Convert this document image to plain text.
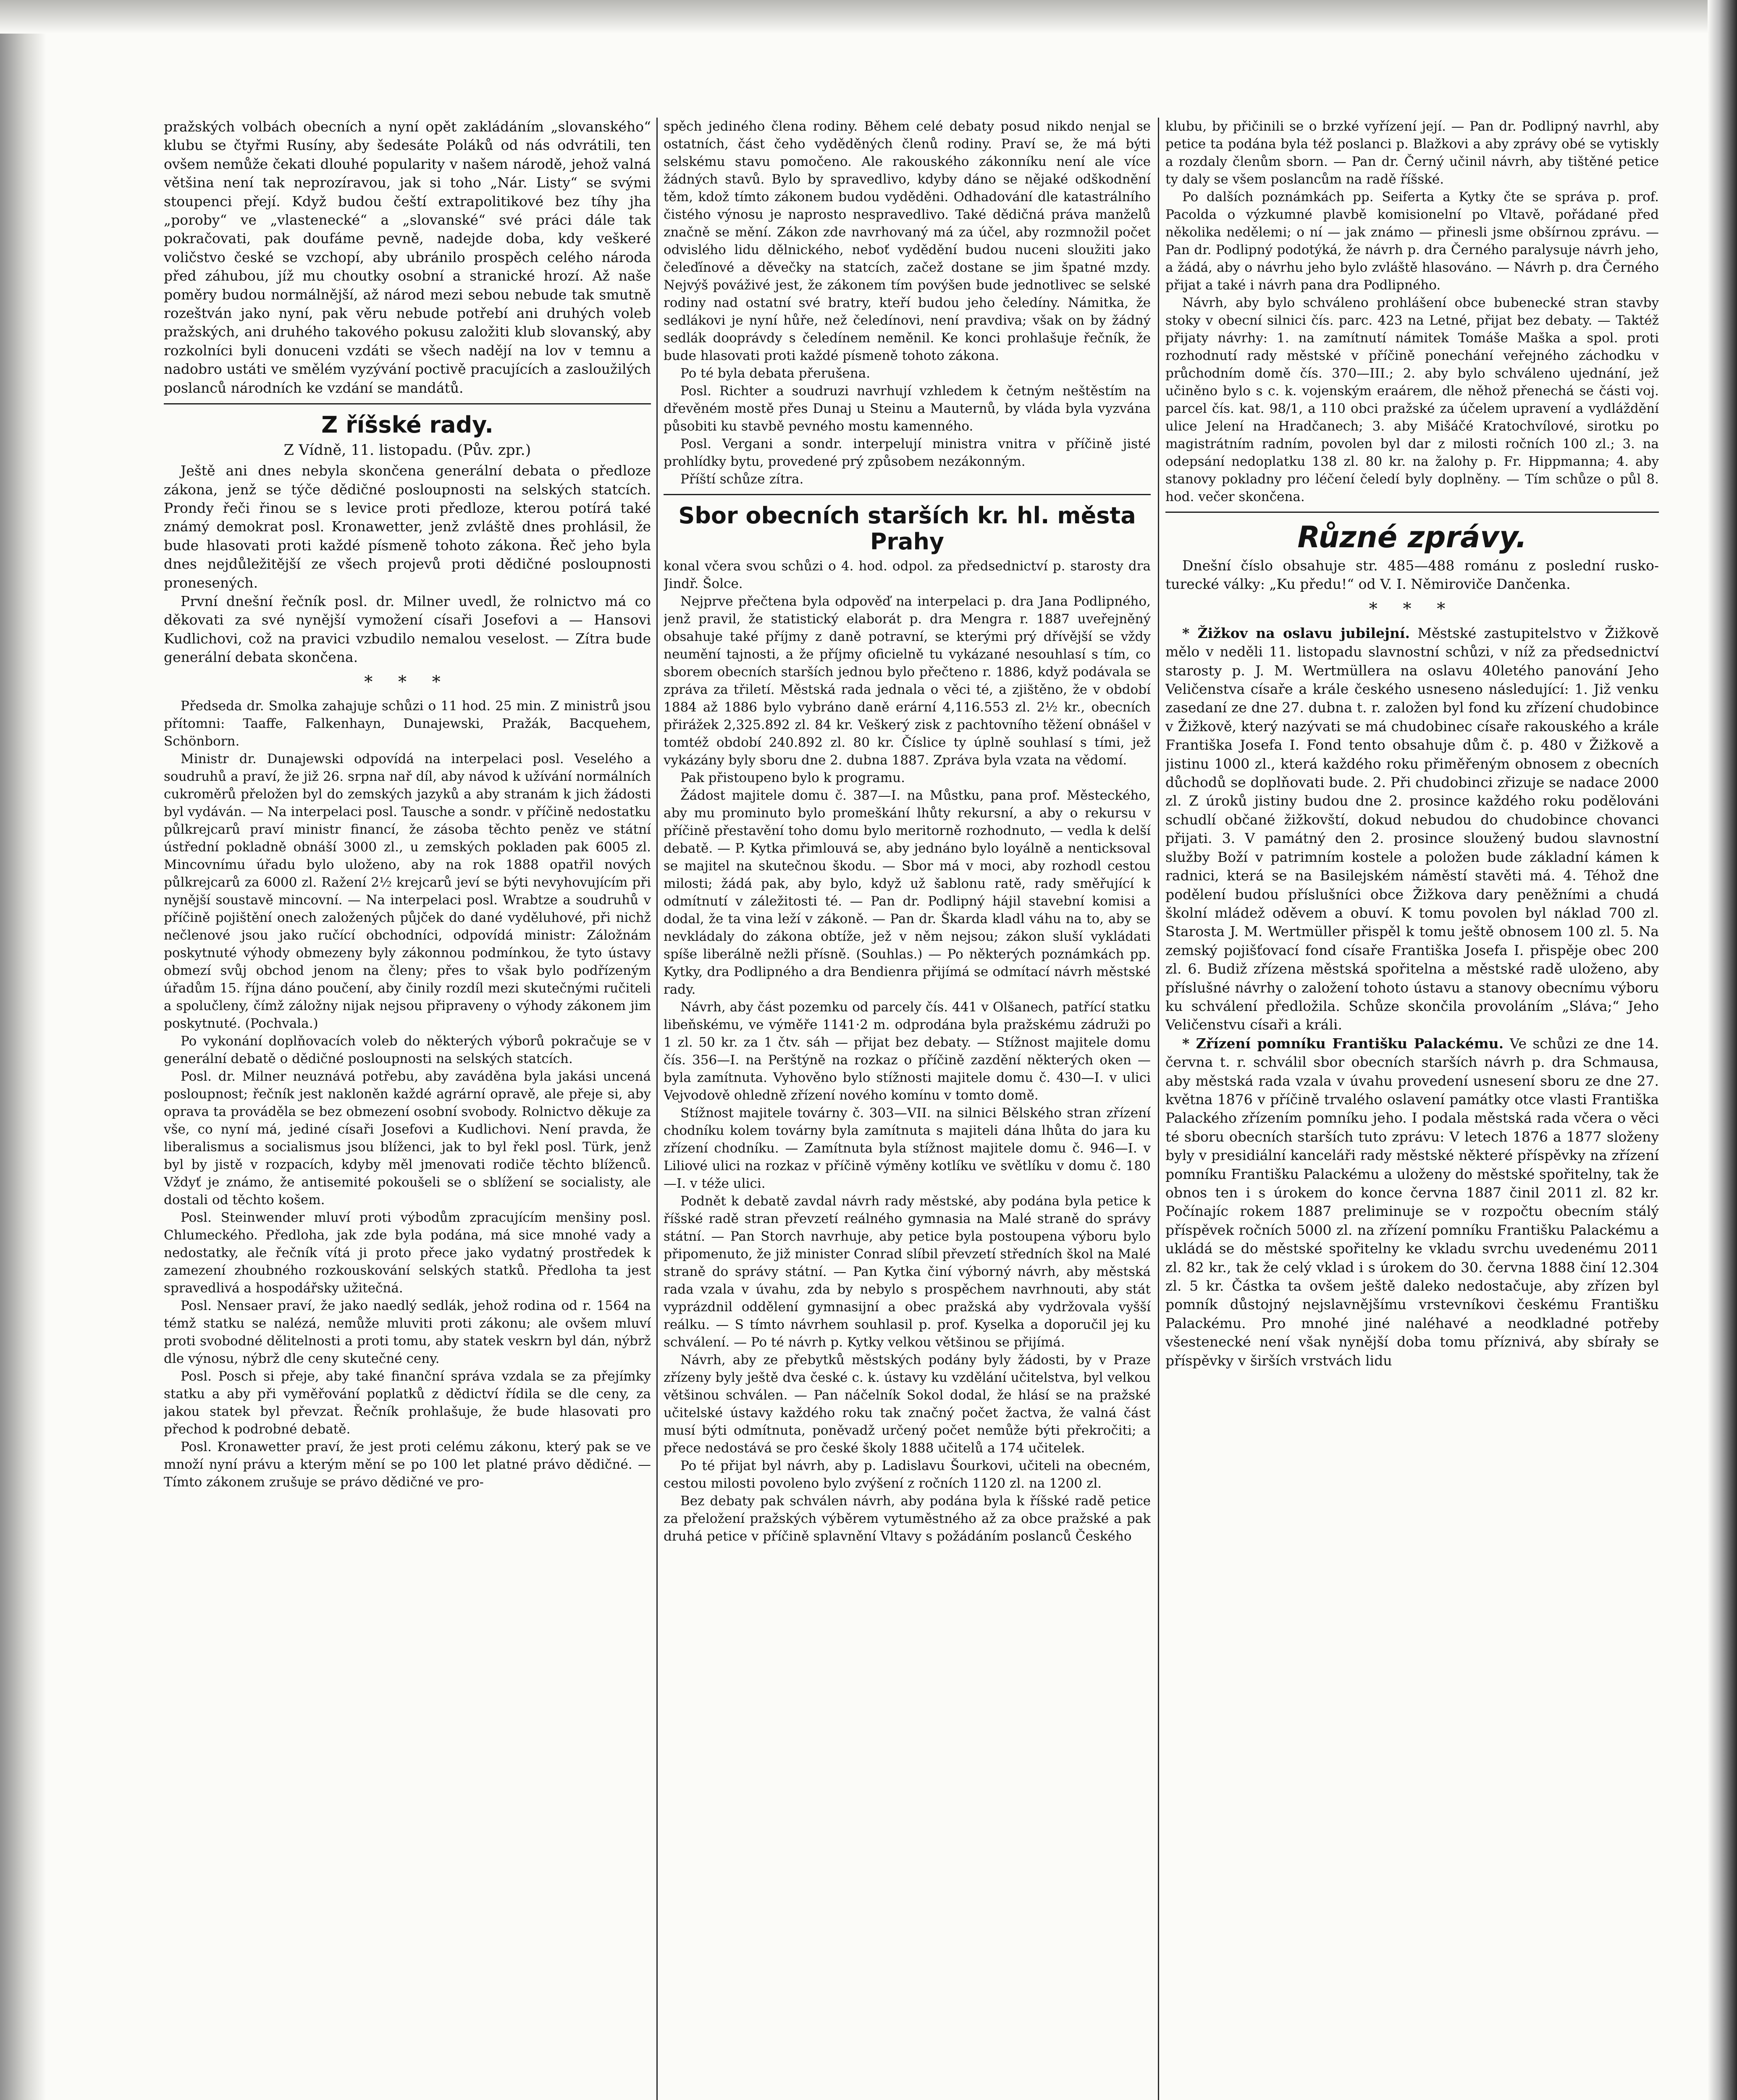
pražských volbách obecních a nyní opět zakládáním „slovanského“ klubu se čtyřmi Rusíny, aby šedesáte Poláků od nás odvrátili, ten ovšem nemůže čekati dlouhé popularity v našem národě, jehož valná většina není tak neprozíravou, jak si toho „Nár. Listy“ se svými stoupenci přejí. Když budou čeští extrapolitikové bez tíhy jha „poroby“ ve „vlastenecké“ a „slovanské“ své práci dále tak pokračovati, pak doufáme pevně, nadejde doba, kdy veškeré voličstvo české se vzchopí, aby ubránilo prospěch celého národa před záhubou, jíž mu choutky osobní a stranické hrozí. Až naše poměry budou normálnější, až národ mezi sebou nebude tak smutně rozeštván jako nyní, pak věru nebude potřebí ani druhých voleb pražských, ani druhého takového pokusu založiti klub slovanský, aby rozkolníci byli donuceni vzdáti se všech nadějí na lov v temnu a nadobro ustáti ve smělém vyzývání poctivě pracujících a zasloužilých poslanců národních ke vzdání se mandátů.

Z říšské rady.
Z Vídně, 11. listopadu. (Pův. zpr.)

Ještě ani dnes nebyla skončena generální debata o předloze zákona, jenž se týče dědičné posloupnosti na selských statcích. Prondy řeči řinou se s levice proti předloze, kterou potírá také známý demokrat posl. Kronawetter, jenž zvláště dnes prohlásil, že bude hlasovati proti každé písmeně tohoto zákona. Řeč jeho byla dnes nejdůležitější ze všech projevů proti dědičné posloupnosti pronesených.

První dnešní řečník posl. dr. Milner uvedl, že rolnictvo má co děkovati za své nynější vymožení císaři Josefovi a — Hansovi Kudlichovi, což na pravici vzbudilo nemalou veselost. — Zítra bude generální debata skončena.

* * *

Předseda dr. Smolka zahajuje schůzi o 11 hod. 25 min. Z ministrů jsou přítomni: Taaffe, Falkenhayn, Dunajewski, Pražák, Bacquehem, Schönborn.

Ministr dr. Dunajewski odpovídá na interpelaci posl. Veselého a soudruhů a praví, že již 26. srpna nař díl, aby návod k užívání normálních cukroměrů přeložen byl do zemských jazyků a aby stranám k jich žádosti byl vydáván. — Na interpelaci posl. Tausche a sondr. v příčině nedostatku půlkrejcarů praví ministr financí, že zásoba těchto peněz ve státní ústřední pokladně obnáší 3000 zl., u zemských pokladen pak 6005 zl. Mincovnímu úřadu bylo uloženo, aby na rok 1888 opatřil nových půlkrejcarů za 6000 zl. Ražení 2¹⁄₂ krejcarů jeví se býti nevyhovujícím při nynější soustavě mincovní. — Na interpelaci posl. Wrabtze a soudruhů v příčině pojištění onech založených půjček do dané vyděluhové, při nichž nečlenové jsou jako ručící obchodníci, odpovídá ministr: Záložnám poskytnuté výhody obmezeny byly zákonnou podmínkou, že tyto ústavy obmezí svůj obchod jenom na členy; přes to však bylo podřízeným úřadům 15. října dáno poučení, aby činily rozdíl mezi skutečnými ručiteli a spolučleny, čímž záložny nijak nejsou připraveny o výhody zákonem jim poskytnuté. (Pochvala.)

Po vykonání doplňovacích voleb do některých výborů pokračuje se v generální debatě o dědičné posloupnosti na selských statcích.

Posl. dr. Milner neuznává potřebu, aby zaváděna byla jakási uncená posloupnost; řečník jest nakloněn každé agrární opravě, ale přeje si, aby oprava ta prováděla se bez obmezení osobní svobody. Rolnictvo děkuje za vše, co nyní má, jediné císaři Josefovi a Kudlichovi. Není pravda, že liberalismus a socialismus jsou blíženci, jak to byl řekl posl. Türk, jenž byl by jistě v rozpacích, kdyby měl jmenovati rodiče těchto blíženců. Vždyť je známo, že antisemité pokoušeli se o sblížení se socialisty, ale dostali od těchto košem.

Posl. Steinwender mluví proti výbodům zpracujícím menšiny posl. Chlumeckého. Předloha, jak zde byla podána, má sice mnohé vady a nedostatky, ale řečník vítá ji proto přece jako vydatný prostředek k zamezení zhoubného rozkouskování selských statků. Předloha ta jest spravedlivá a hospodářsky užitečná.

Posl. Nensaer praví, že jako naedlý sedlák, jehož rodina od r. 1564 na témž statku se nalézá, nemůže mluviti proti zákonu; ale ovšem mluví proti svobodné dělitelnosti a proti tomu, aby statek veskrn byl dán, nýbrž dle výnosu, nýbrž dle ceny skutečné ceny.

Posl. Posch si přeje, aby také finanční správa vzdala se za přejímky statku a aby při vyměřování poplatků z dědictví řídila se dle ceny, za jakou statek byl převzat. Řečník prohlašuje, že bude hlasovati pro přechod k podrobné debatě.

Posl. Kronawetter praví, že jest proti celému zákonu, který pak se ve množí nyní právu a kterým mění se po 100 let platné právo dědičné. — Tímto zákonem zrušuje se právo dědičné ve pro-

spěch jediného člena rodiny. Během celé debaty posud nikdo nenjal se ostatních, část čeho vyděděných členů rodiny. Praví se, že má býti selskému stavu pomočeno. Ale rakouského zákonníku není ale více žádných stavů. Bylo by spravedlivo, kdyby dáno se nějaké odškodnění těm, kdož tímto zákonem budou vyděděni. Odhadování dle katastrálního čistého výnosu je naprosto nespravedlivo. Také dědičná práva manželů značně se mění. Zákon zde navrhovaný má za účel, aby rozmnožil počet odvislého lidu dělnického, neboť vydědění budou nuceni sloužiti jako čeleďínové a děvečky na statcích, začež dostane se jim špatné mzdy. Nejvýš pováživé jest, že zákonem tím povýšen bude jednotlivec se selské rodiny nad ostatní své bratry, kteří budou jeho čeledíny. Námitka, že sedlákovi je nyní hůře, než čeledínovi, není pravdiva; však on by žádný sedlák dooprávdy s čeledínem neměnil. Ke konci prohlašuje řečník, že bude hlasovati proti každé písmeně tohoto zákona.

Po té byla debata přerušena.

Posl. Richter a soudruzi navrhují vzhledem k četným neštěstím na dřevěném mostě přes Dunaj u Steinu a Mauternů, by vláda byla vyzvána působiti ku stavbě pevného mostu kamenného.

Posl. Vergani a sondr. interpelují ministra vnitra v příčině jisté prohlídky bytu, provedené prý způsobem nezákonným.

Příští schůze zítra.

Sbor obecních starších kr. hl. města Prahy

konal včera svou schůzi o 4. hod. odpol. za předsednictví p. starosty dra Jindř. Šolce.

Nejprve přečtena byla odpověď na interpelaci p. dra Jana Podlipného, jenž pravil, že statistický elaborát p. dra Mengra r. 1887 uveřejněný obsahuje také příjmy z daně potravní, se kterými prý dřívější se vždy neumění tajnosti, a že příjmy oficielně tu vykázané nesouhlasí s tím, co sborem obecních starších jednou bylo přečteno r. 1886, když podávala se zpráva za třiletí. Městská rada jednala o věci té, a zjištěno, že v období 1884 až 1886 bylo vybráno daně erární 4,116.553 zl. 2¹⁄₂ kr., obecních přirážek 2,325.892 zl. 84 kr. Veškerý zisk z pachtovního těžení obnášel v tomtéž období 240.892 zl. 80 kr. Číslice ty úplně souhlasí s tími, jež vykázány byly sboru dne 2. dubna 1887. Zpráva byla vzata na vědomí.

Pak přistoupeno bylo k programu.

Žádost majitele domu č. 387—I. na Můstku, pana prof. Městeckého, aby mu prominuto bylo promeškání lhůty rekursní, a aby o rekursu v příčině přestavění toho domu bylo meritorně rozhodnuto, — vedla k delší debatě. — P. Kytka přimlouvá se, aby jednáno bylo loyálně a nenticksoval se majitel na skutečnou škodu. — Sbor má v moci, aby rozhodl cestou milosti; žádá pak, aby bylo, když už šablonu ratě, rady směřující k odmítnutí v záležitosti té. — Pan dr. Podlipný hájil stavební komisi a dodal, že ta vina leží v zákoně. — Pan dr. Škarda kladl váhu na to, aby se nevkládaly do zákona obtíže, jež v něm nejsou; zákon sluší vykládati spíše liberálně nežli přísně. (Souhlas.) — Po některých poznámkách pp. Kytky, dra Podlipného a dra Bendienra přijímá se odmítací návrh městské rady.

Návrh, aby část pozemku od parcely čís. 441 v Olšanech, patřící statku libeňskému, ve výměře 1141·2 m. odprodána byla pražskému zádruži po 1 zl. 50 kr. za 1 čtv. sáh — přijat bez debaty. — Stížnost majitele domu čís. 356—I. na Perštýně na rozkaz o příčině zazdění některých oken — byla zamítnuta. Vyhověno bylo stížnosti majitele domu č. 430—I. v ulici Vejvodově ohledně zřízení nového komínu v tomto domě.

Stížnost majitele továrny č. 303—VII. na silnici Bělského stran zřízení chodníku kolem továrny byla zamítnuta s majiteli dána lhůta do jara ku zřízení chodníku. — Zamítnuta byla stížnost majitele domu č. 946—I. v Liliové ulici na rozkaz v příčině výměny kotlíku ve světlíku v domu č. 180—I. v téže ulici.

Podnět k debatě zavdal návrh rady městské, aby podána byla petice k říšské radě stran převzetí reálného gymnasia na Malé straně do správy státní. — Pan Storch navrhuje, aby petice byla postoupena výboru bylo připomenuto, že již minister Conrad slíbil převzetí středních škol na Malé straně do správy státní. — Pan Kytka činí výborný návrh, aby městská rada vzala v úvahu, zda by nebylo s prospěchem navrhnouti, aby stát vyprázdnil oddělení gymnasijní a obec pražská aby vydržovala vyšší reálku. — S tímto návrhem souhlasil p. prof. Kyselka a doporučil jej ku schválení. — Po té návrh p. Kytky velkou většinou se přijímá.

Návrh, aby ze přebytků městských podány byly žádosti, by v Praze zřízeny byly ještě dva české c. k. ústavy ku vzdělání učitelstva, byl velkou většinou schválen. — Pan náčelník Sokol dodal, že hlásí se na pražské učitelské ústavy každého roku tak značný počet žactva, že valná část musí býti odmítnuta, poněvadž určený počet nemůže býti překročiti; a přece nedostává se pro české školy 1888 učitelů a 174 učitelek.

Po té přijat byl návrh, aby p. Ladislavu Šourkovi, učiteli na obecném, cestou milosti povoleno bylo zvýšení z ročních 1120 zl. na 1200 zl.

Bez debaty pak schválen návrh, aby podána byla k říšské radě petice za přeložení pražských výběrem vytuměstného až za obce pražské a pak druhá petice v příčině splavnění Vltavy s požádáním poslanců Českého

klubu, by přičinili se o brzké vyřízení její. — Pan dr. Podlipný navrhl, aby petice ta podána byla též poslanci p. Blažkovi a aby zprávy obé se vytiskly a rozdaly členům sborn. — Pan dr. Černý učinil návrh, aby tištěné petice ty daly se všem poslancům na radě říšské.

Po dalších poznámkách pp. Seiferta a Kytky čte se správa p. prof. Pacolda o výzkumné plavbě komisionelní po Vltavě, pořádané před několika nedělemi; o ní — jak známo — přinesli jsme obšírnou zprávu. — Pan dr. Podlipný podotýká, že návrh p. dra Černého paralysuje návrh jeho, a žádá, aby o návrhu jeho bylo zvláště hlasováno. — Návrh p. dra Černého přijat a také i návrh pana dra Podlipného.

Návrh, aby bylo schváleno prohlášení obce bubenecké stran stavby stoky v obecní silnici čís. parc. 423 na Letné, přijat bez debaty. — Taktéž přijaty návrhy: 1. na zamítnutí námitek Tomáše Maška a spol. proti rozhodnutí rady městské v příčině ponechání veřejného záchodku v průchodním domě čís. 370—III.; 2. aby bylo schváleno ujednání, jež učiněno bylo s c. k. vojenským eraárem, dle něhož přenechá se části voj. parcel čís. kat. 98/1, a 110 obci pražské za účelem upravení a vydláždění ulice Jelení na Hradčanech; 3. aby Mišáčé Kratochvílové, sirotku po magistrátním radním, povolen byl dar z milosti ročních 100 zl.; 3. na odepsání nedoplatku 138 zl. 80 kr. na žalohy p. Fr. Hippmanna; 4. aby stanovy pokladny pro léčení čeledí byly doplněny. — Tím schůze o půl 8. hod. večer skončena.

Různé zprávy.

Dnešní číslo obsahuje str. 485—488 románu z poslední rusko-turecké války: „Ku předu!“ od V. I. Němiroviče Dančenka.

* * *

* Žižkov na oslavu jubilejní. Městské zastupitelstvo v Žižkově mělo v neděli 11. listopadu slavnostní schůzi, v níž za předsednictví starosty p. J. M. Wertmüllera na oslavu 40letého panování Jeho Veličenstva císaře a krále českého usneseno následující: 1. Již venku zasedaní ze dne 27. dubna t. r. založen byl fond ku zřízení chudobince v Žižkově, který nazývati se má chudobinec císaře rakouského a krále Františka Josefa I. Fond tento obsahuje dům č. p. 480 v Žižkově a jistinu 1000 zl., která každého roku přiměřeným obnosem z obecních důchodů se doplňovati bude. 2. Při chudobinci zřizuje se nadace 2000 zl. Z úroků jistiny budou dne 2. prosince každého roku podělováni schudlí občané žižkovští, dokud nebudou do chudobince chovanci přijati. 3. V památný den 2. prosince sloužený budou slavnostní služby Boží v patrimním kostele a položen bude základní kámen k radnici, která se na Basilejském náměstí stavěti má. 4. Téhož dne podělení budou příslušníci obce Žižkova dary peněžními a chudá školní mládež oděvem a obuví. K tomu povolen byl náklad 700 zl. Starosta J. M. Wertmüller přispěl k tomu ještě obnosem 100 zl. 5. Na zemský pojišťovací fond císaře Františka Josefa I. přispěje obec 200 zl. 6. Budiž zřízena městská spořitelna a městské radě uloženo, aby příslušné návrhy o založení tohoto ústavu a stanovy obecnímu výboru ku schválení předložila. Schůze skončila provoláním „Sláva;“ Jeho Veličenstvu císaři a králi.

* Zřízení pomníku Františku Palackému. Ve schůzi ze dne 14. června t. r. schválil sbor obecních starších návrh p. dra Schmausa, aby městská rada vzala v úvahu provedení usnesení sboru ze dne 27. května 1876 v příčině trvalého oslavení památky otce vlasti Františka Palackého zřízením pomníku jeho. I podala městská rada včera o věci té sboru obecních starších tuto zprávu: V letech 1876 a 1877 složeny byly v presidiální kanceláři rady městské některé příspěvky na zřízení pomníku Františku Palackému a uloženy do městské spořitelny, tak že obnos ten i s úrokem do konce června 1887 činil 2011 zl. 82 kr. Počínajíc rokem 1887 preliminuje se v rozpočtu obecním stálý příspěvek ročních 5000 zl. na zřízení pomníku Františku Palackému a ukládá se do městské spořitelny ke vkladu svrchu uvedenému 2011 zl. 82 kr., tak že celý vklad i s úrokem do 30. června 1888 činí 12.304 zl. 5 kr. Částka ta ovšem ještě daleko nedostačuje, aby zřízen byl pomník důstojný nejslavnějšímu vrstevníkovi českému Františku Palackému. Pro mnohé jiné naléhavé a neodkladné potřeby všestenecké není však nynější doba tomu příznivá, aby sbírały se příspěvky v širších vrstvách lidu
